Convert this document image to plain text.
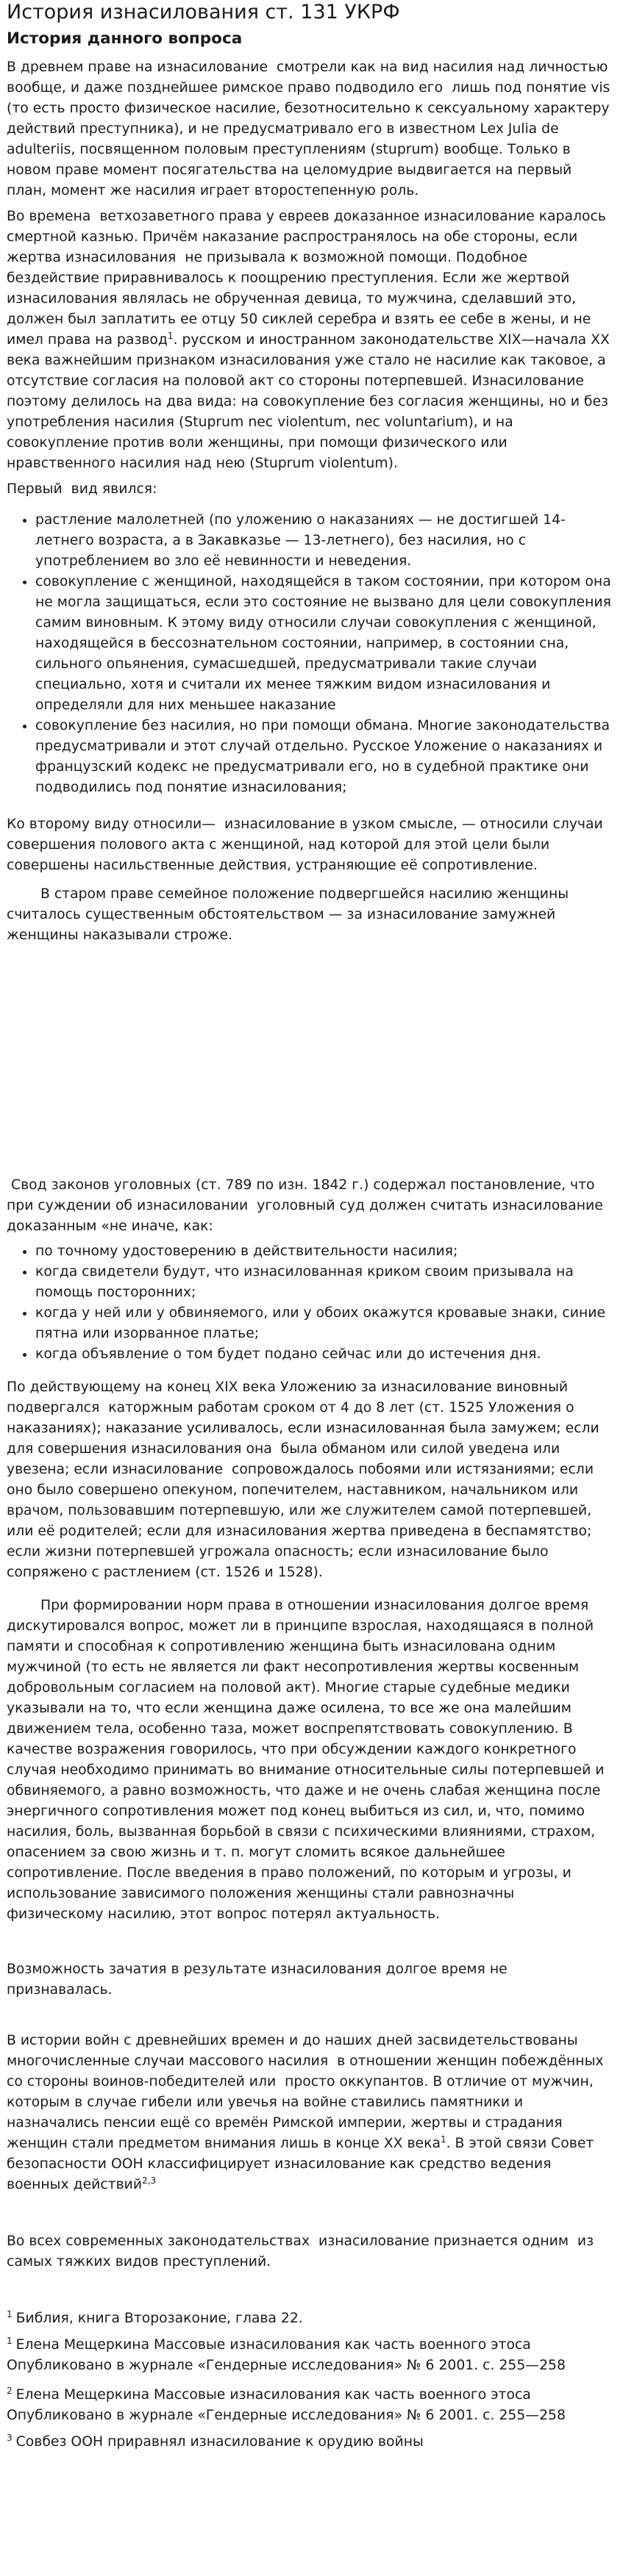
История изнасилования ст. 131 УКРФ
История данного вопроса

В древнем праве на изнасилование  смотрели как на вид насилия над личностью вообще, и даже позднейшее римское право подводило его  лишь под понятие vis (то есть просто физическое насилие, безотносительно к сексуальному характеру действий преступника), и не предусматривало его в известном Lex Julia de adulteriis, посвященном половым преступлениям (stuprum) вообще. Только в новом праве момент посягательства на целомудрие выдвигается на первый план, момент же насилия играет второстепенную роль.

Во времена  ветхозаветного права у евреев доказанное изнасилование каралось смертной казнью. Причём наказание распространялось на обе стороны, если жертва изнасилования  не призывала к возможной помощи. Подобное бездействие приравнивалось к поощрению преступления. Если же жертвой изнасилования являлась не обрученная девица, то мужчина, сделавший это, должен был заплатить ее отцу 50 сиклей серебра и взять ее себе в жены, и не имел права на развод$^1$. русском и иностранном законодательстве XIX—начала XX века важнейшим признаком изнасилования уже стало не насилие как таковое, а отсутствие согласия на половой акт со стороны потерпевшей. Изнасилование поэтому делилось на два вида: на совокупление без согласия женщины, но и без употребления насилия (Stuprum nec violentum, nec voluntarium), и на совокупление против воли женщины, при помощи физического или нравственного насилия над нею (Stuprum violentum).

Первый  вид явился:

• растление малолетней (по уложению о наказаниях — не достигшей 14-летнего возраста, а в Закавказье — 13-летнего), без насилия, но с употреблением во зло её невинности и неведения.
• совокупление с женщиной, находящейся в таком состоянии, при котором она не могла защищаться, если это состояние не вызвано для цели совокупления самим виновным. К этому виду относили случаи совокупления с женщиной, находящейся в бессознательном состоянии, например, в состоянии сна, сильного опьянения, сумасшедшей, предусматривали такие случаи специально, хотя и считали их менее тяжким видом изнасилования и определяли для них меньшее наказание
• совокупление без насилия, но при помощи обмана. Многие законодательства предусматривали и этот случай отдельно. Русское Уложение о наказаниях и французский кодекс не предусматривали его, но в судебной практике они подводились под понятие изнасилования;

Ко второму виду относили—  изнасилование в узком смысле, — относили случаи совершения полового акта с женщиной, над которой для этой цели были совершены насильственные действия, устраняющие её сопротивление.

В старом праве семейное положение подвергшейся насилию женщины считалось существенным обстоятельством — за изнасилование замужней женщины наказывали строже.

Свод законов уголовных (ст. 789 по изн. 1842 г.) содержал постановление, что при суждении об изнасиловании  уголовный суд должен считать изнасилование доказанным «не иначе, как:

• по точному удостоверению в действительности насилия;
• когда свидетели будут, что изнасилованная криком своим призывала на помощь посторонних;
• когда у ней или у обвиняемого, или у обоих окажутся кровавые знаки, синие пятна или изорванное платье;
• когда объявление о том будет подано сейчас или до истечения дня.

По действующему на конец XIX века Уложению за изнасилование виновный подвергался  каторжным работам сроком от 4 до 8 лет (ст. 1525 Уложения о наказаниях); наказание усиливалось, если изнасилованная была замужем; если для совершения изнасилования она  была обманом или силой уведена или увезена; если изнасилование  сопровождалось побоями или истязаниями; если оно было совершено опекуном, попечителем, наставником, начальником или врачом, пользовавшим потерпевшую, или же служителем самой потерпевшей, или её родителей; если для изнасилования жертва приведена в беспамятство; если жизни потерпевшей угрожала опасность; если изнасилование было сопряжено с растлением (ст. 1526 и 1528).

При формировании норм права в отношении изнасилования долгое время дискутировался вопрос, может ли в принципе взрослая, находящаяся в полной памяти и способная к сопротивлению женщина быть изнасилована одним мужчиной (то есть не является ли факт несопротивления жертвы косвенным добровольным согласием на половой акт). Многие старые судебные медики указывали на то, что если женщина даже осилена, то все же она малейшим движением тела, особенно таза, может воспрепятствовать совокуплению. В качестве возражения говорилось, что при обсуждении каждого конкретного случая необходимо принимать во внимание относительные силы потерпевшей и обвиняемого, а равно возможность, что даже и не очень слабая женщина после энергичного сопротивления может под конец выбиться из сил, и, что, помимо насилия, боль, вызванная борьбой в связи с психическими влияниями, страхом, опасением за свою жизнь и т. п. могут сломить всякое дальнейшее сопротивление. После введения в право положений, по которым и угрозы, и использование зависимого положения женщины стали равнозначны физическому насилию, этот вопрос потерял актуальность.

Возможность зачатия в результате изнасилования долгое время не признавалась.

В истории войн с древнейших времен и до наших дней засвидетельствованы многочисленные случаи массового насилия  в отношении женщин побеждённых со стороны воинов-победителей или  просто оккупантов. В отличие от мужчин, которым в случае гибели или увечья на войне ставились памятники и назначались пенсии ещё со времён Римской империи, жертвы и страдания женщин стали предметом внимания лишь в конце XX века$^1$. В этой связи Совет безопасности ООН классифицирует изнасилование как средство ведения военных действий$^{2,3}$

Во всех современных законодательствах  изнасилование признается одним  из самых тяжких видов преступлений.

$^1$ Библия, книга Второзаконие, глава 22.

$^1$ Елена Мещеркина Массовые изнасилования как часть военного этоса Опубликовано в журнале «Гендерные исследования» № 6 2001. с. 255—258

$^2$ Елена Мещеркина Массовые изнасилования как часть военного этоса Опубликовано в журнале «Гендерные исследования» № 6 2001. с. 255—258

$^3$ Совбез ООН приравнял изнасилование к орудию войны
